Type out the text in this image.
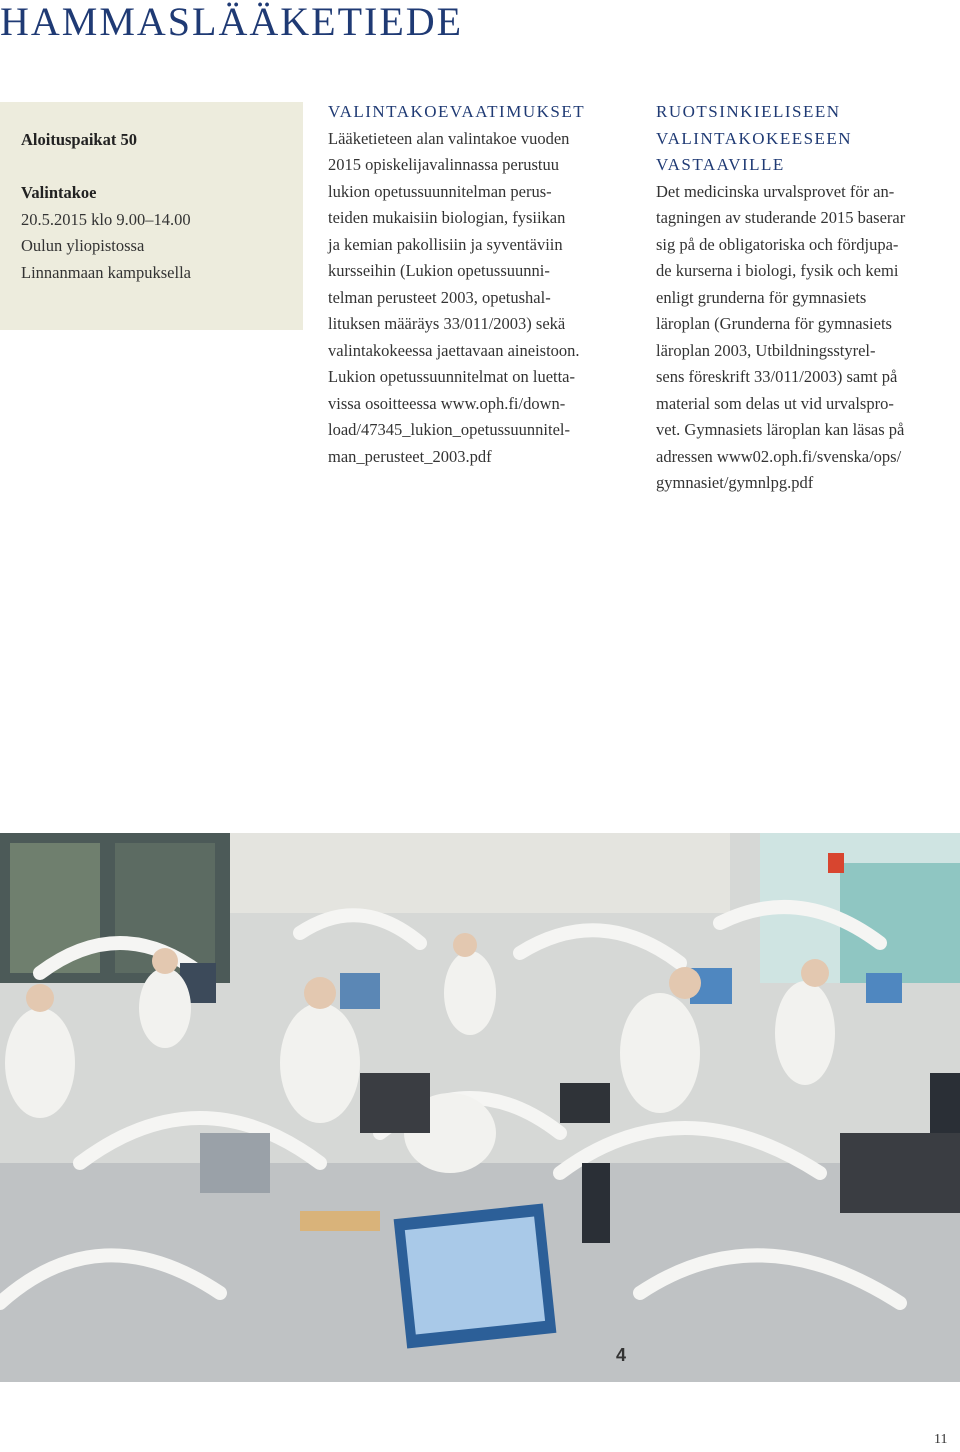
HAMMASLÄÄKETIEDE

Aloituspaikat 50

Valintakoe

20.5.2015 klo 9.00–14.00

Oulun yliopistossa

Linnanmaan kampuksella

VALINTAKOEVAATIMUKSET
Lääketieteen alan valintakoe vuoden
2015 opiskelijavalinnassa perustuu
lukion opetussuunnitelman perus-
teiden mukaisiin biologian, fysiikan
ja kemian pakollisiin ja syventäviin
kursseihin (Lukion opetussuunni-
telman perusteet 2003, opetushal-
lituksen määräys 33/011/2003) sekä
valintakokeessa jaettavaan aineistoon.
Lukion opetussuunnitelmat on luetta-
vissa osoitteessa www.oph.fi/down-
load/47345_lukion_opetussuunnitel-
man_perusteet_2003.pdf
RUOTSINKIELISEEN
VALINTAKOKEESEEN
VASTAAVILLE
Det medicinska urvalsprovet för an-
tagningen av studerande 2015 baserar
sig på de obligatoriska och fördjupa-
de kurserna i biologi, fysik och kemi
enligt grunderna för gymnasiets
läroplan (Grunderna för gymnasiets
läroplan 2003, Utbildningsstyrel-
sens föreskrift 33/011/2003) samt på
material som delas ut vid urvalspro-
vet. Gymnasiets läroplan kan läsas på
adressen www02.oph.fi/svenska/ops/
gymnasiet/gymnlpg.pdf
4
11
